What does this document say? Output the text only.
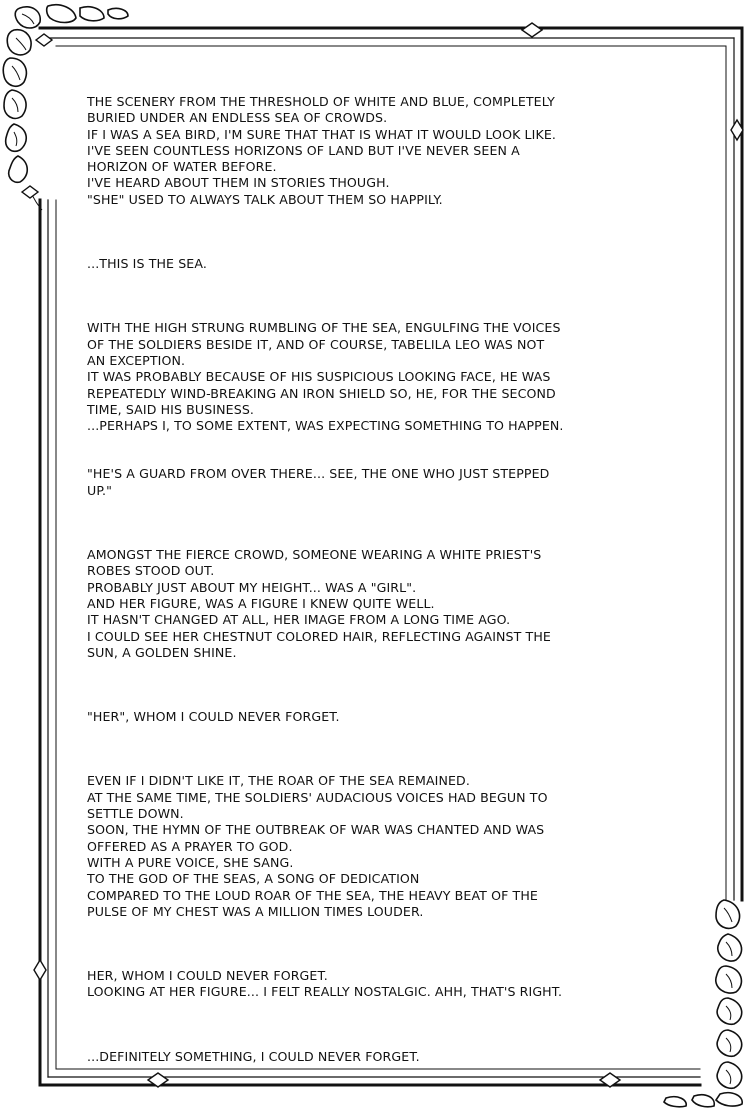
THE SCENERY FROM THE THRESHOLD OF WHITE AND BLUE, COMPLETELY
BURIED UNDER AN ENDLESS SEA OF CROWDS.
IF I WAS A SEA BIRD, I'M SURE THAT THAT IS WHAT IT WOULD LOOK LIKE.
I'VE SEEN COUNTLESS HORIZONS OF LAND BUT I'VE NEVER SEEN A
HORIZON OF WATER BEFORE.
I'VE HEARD ABOUT THEM IN STORIES THOUGH.
"SHE" USED TO ALWAYS TALK ABOUT THEM SO HAPPILY.
...THIS IS THE SEA.
WITH THE HIGH STRUNG RUMBLING OF THE SEA, ENGULFING THE VOICES
OF THE SOLDIERS BESIDE IT, AND OF COURSE, TABELILA LEO WAS NOT
AN EXCEPTION.
IT WAS PROBABLY BECAUSE OF HIS SUSPICIOUS LOOKING FACE, HE WAS
REPEATEDLY WIND-BREAKING AN IRON SHIELD SO, HE, FOR THE SECOND
TIME, SAID HIS BUSINESS.
...PERHAPS I, TO SOME EXTENT, WAS EXPECTING SOMETHING TO HAPPEN.
"HE'S A GUARD FROM OVER THERE... SEE, THE ONE WHO JUST STEPPED
UP."
AMONGST THE FIERCE CROWD, SOMEONE WEARING A WHITE PRIEST'S
ROBES STOOD OUT.
PROBABLY JUST ABOUT MY HEIGHT... WAS A "GIRL".
AND HER FIGURE, WAS A FIGURE I KNEW QUITE WELL.
IT HASN'T CHANGED AT ALL, HER IMAGE FROM A LONG TIME AGO.
I COULD SEE HER CHESTNUT COLORED HAIR, REFLECTING AGAINST THE
SUN, A GOLDEN SHINE.
"HER", WHOM I COULD NEVER FORGET.
EVEN IF I DIDN'T LIKE IT, THE ROAR OF THE SEA REMAINED.
AT THE SAME TIME, THE SOLDIERS' AUDACIOUS VOICES HAD BEGUN TO
SETTLE DOWN.
SOON, THE HYMN OF THE OUTBREAK OF WAR WAS CHANTED AND WAS
OFFERED AS A PRAYER TO GOD.
WITH A PURE VOICE, SHE SANG.
TO THE GOD OF THE SEAS, A SONG OF DEDICATION
COMPARED TO THE LOUD ROAR OF THE SEA, THE HEAVY BEAT OF THE
PULSE OF MY CHEST WAS A MILLION TIMES LOUDER.
HER, WHOM I COULD NEVER FORGET.
LOOKING AT HER FIGURE... I FELT REALLY NOSTALGIC. AHH, THAT'S RIGHT.
...DEFINITELY SOMETHING, I COULD NEVER FORGET.
